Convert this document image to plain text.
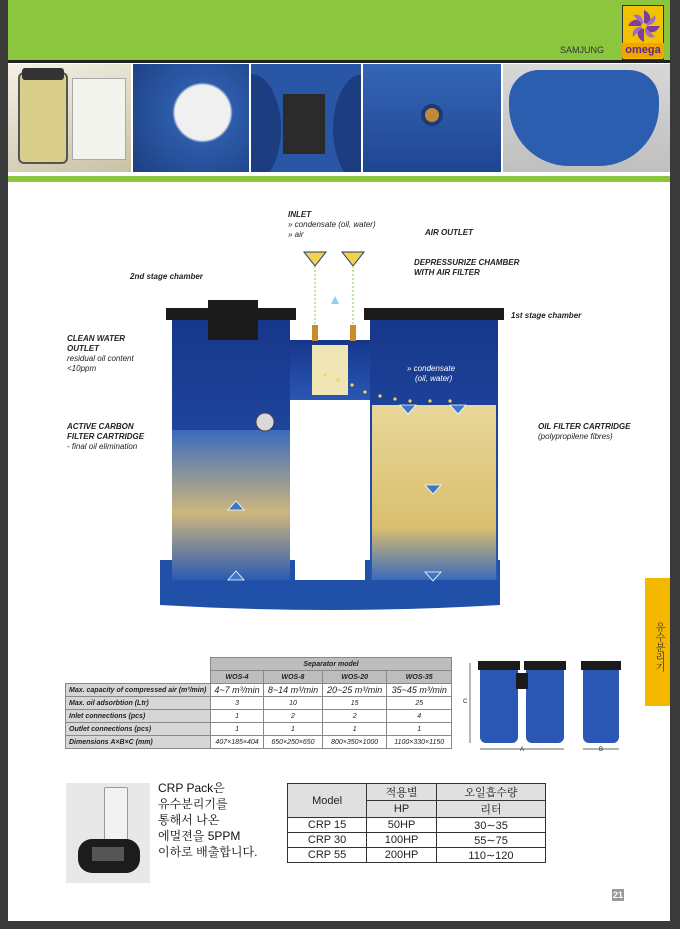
omega
SAMJUNG
INLET
» condensate (oil, water)
» air	AIR OUTLET
DEPRESSURIZE CHAMBER
WITH AIR FILTER
2nd stage chamber
1st stage chamber
CLEAN WATER
OUTLET
residual oil content
<10ppm	» condensate
(oil, water)
ACTIVE CARBON
FILTER CARTRIDGE
- final oil elimination
OIL FILTER CARTRIDGE
(polypropilene fibres)
유수분리기
	Separator model			
	WOS-4	WOS-8	WOS-20	WOS-35
Max. capacity of compressed air (m³/min)	4~7 m³/min	8~14 m³/min	20~25 m³/min	35~45 m³/min
Max. oil adsorbtion (Ltr)	3	10	15	25
Inlet connections (pcs)	1	2	2	4
Outlet connections (pcs)	1	1	1	1
Dimensions A×B×C (mm)	407×185×404	650×250×650	800×350×1000	1100×330×1150
A	B
C
CRP Pack은
유수분리기를
통해서 나온
에멀젼을 5PPM
이하로 배출합니다.
Model	적용별	오일흡수량
	HP	리터
CRP 15	50HP	30∼35
CRP 30	100HP	55∼75
CRP 55	200HP	110∼120
21
